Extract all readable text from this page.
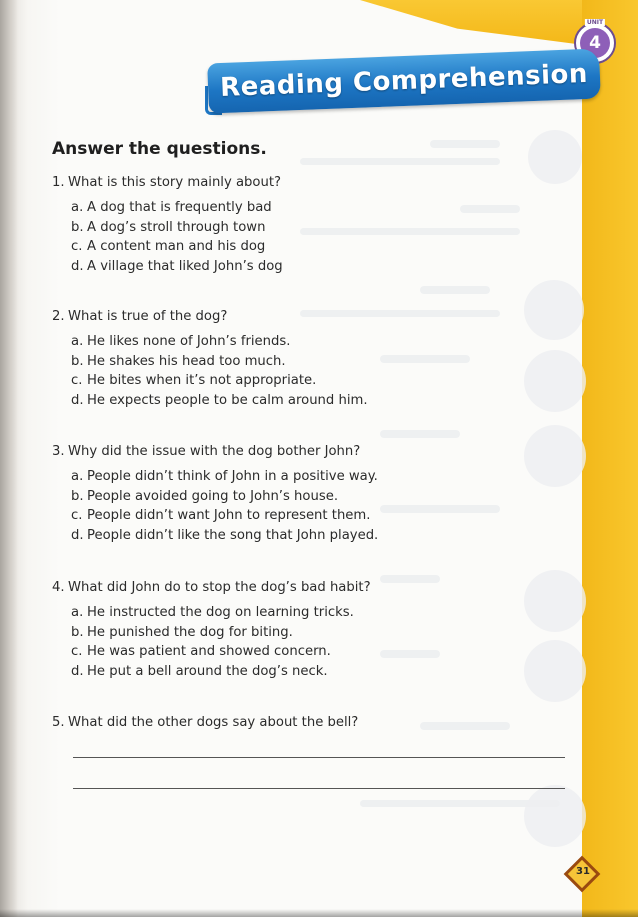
UNIT
4
Reading Comprehension
Answer the questions.
1. What is this story mainly about?
a. A dog that is frequently bad
b. A dog’s stroll through town
c. A content man and his dog
d. A village that liked John’s dog
2. What is true of the dog?
a. He likes none of John’s friends.
b. He shakes his head too much.
c. He bites when it’s not appropriate.
d. He expects people to be calm around him.
3. Why did the issue with the dog bother John?
a. People didn’t think of John in a positive way.
b. People avoided going to John’s house.
c. People didn’t want John to represent them.
d. People didn’t like the song that John played.
4. What did John do to stop the dog’s bad habit?
a. He instructed the dog on learning tricks.
b. He punished the dog for biting.
c. He was patient and showed concern.
d. He put a bell around the dog’s neck.
5. What did the other dogs say about the bell?
31
